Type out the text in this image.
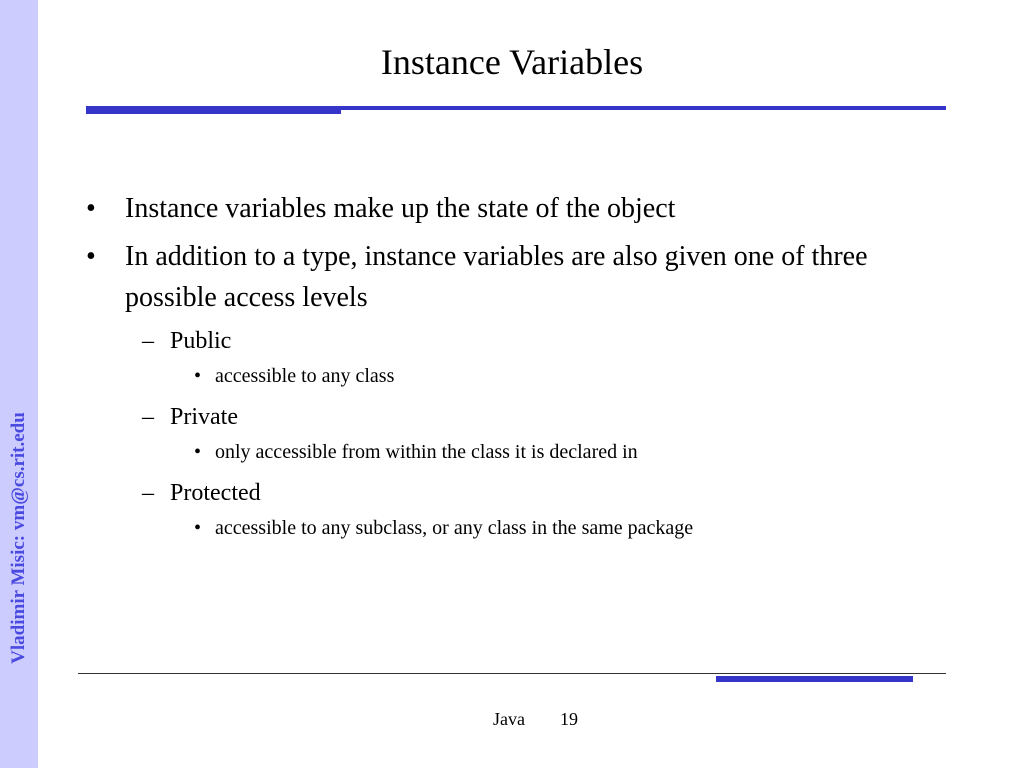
Vladimir Misic: vm@cs.rit.edu
Instance Variables
• Instance variables make up the state of the object
• In addition to a type, instance variables are also given one of three possible access levels
– Public
• accessible to any class
– Private
• only accessible from within the class it is declared in
– Protected
• accessible to any subclass, or any class in the same package
Java 19
